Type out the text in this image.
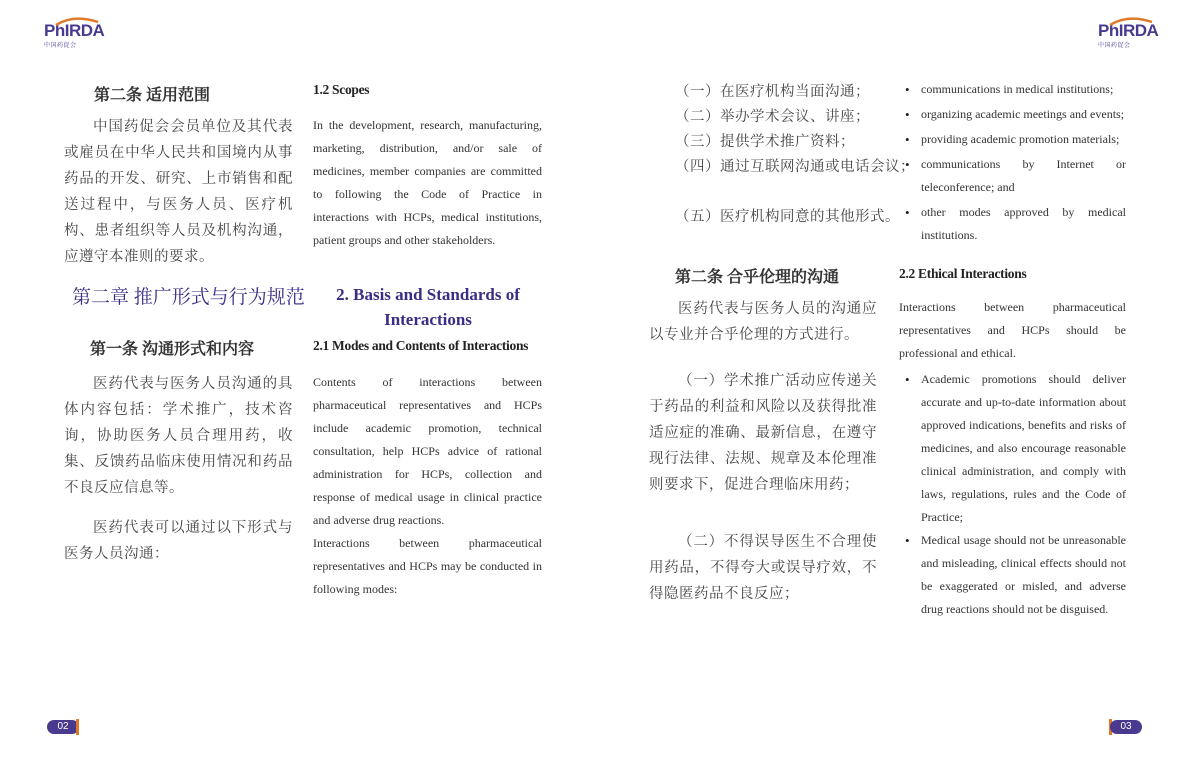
PhIRDA
中国药促会
PhIRDA
中国药促会
第二条 适用范围

中国药促会会员单位及其代表或雇员在中华人民共和国境内从事药品的开发、研究、上市销售和配送过程中，与医务人员、医疗机构、患者组织等人员及机构沟通，应遵守本准则的要求。

第二章 推广形式与行为规范
第一条 沟通形式和内容

医药代表与医务人员沟通的具体内容包括：学术推广，技术咨询，协助医务人员合理用药，收集、反馈药品临床使用情况和药品不良反应信息等。

医药代表可以通过以下形式与医务人员沟通：

1.2 Scopes

In the development, research, manufacturing, marketing, distribution, and/or sale of medicines, member companies are committed to following the Code of Practice in interactions with HCPs, medical institutions, patient groups and other stakeholders.

2. Basis and Standards of Interactions
2.1 Modes and Contents of Interactions

Contents of interactions between pharmaceutical representatives and HCPs include academic promotion, technical consultation, help HCPs advice of rational administration for HCPs, collection and response of medical usage in clinical practice and adverse drug reactions.

Interactions between pharmaceutical representatives and HCPs may be conducted in following modes:

（一）在医疗机构当面沟通；
（二）举办学术会议、讲座；
（三）提供学术推广资料；
（四）通过互联网沟通或电话会议；
（五）医疗机构同意的其他形式。
第二条 合乎伦理的沟通

医药代表与医务人员的沟通应以专业并合乎伦理的方式进行。

（一）学术推广活动应传递关于药品的利益和风险以及获得批准适应症的准确、最新信息，在遵守现行法律、法规、规章及本伦理准则要求下，促进合理临床用药；

（二）不得误导医生不合理使用药品，不得夸大或误导疗效，不得隐匿药品不良反应；

• communications in medical institutions;
• organizing academic meetings and events;
• providing academic promotion materials;
• communications by Internet or teleconference; and
• other modes approved by medical institutions.
2.2 Ethical Interactions

Interactions between pharmaceutical representatives and HCPs should be professional and ethical.

• Academic promotions should deliver accurate and up-to-date information about approved indications, benefits and risks of medicines, and also encourage reasonable clinical administration, and comply with laws, regulations, rules and the Code of Practice;
• Medical usage should not be unreasonable and misleading, clinical effects should not be exaggerated or misled, and adverse drug reactions should not be disguised.
02	03
